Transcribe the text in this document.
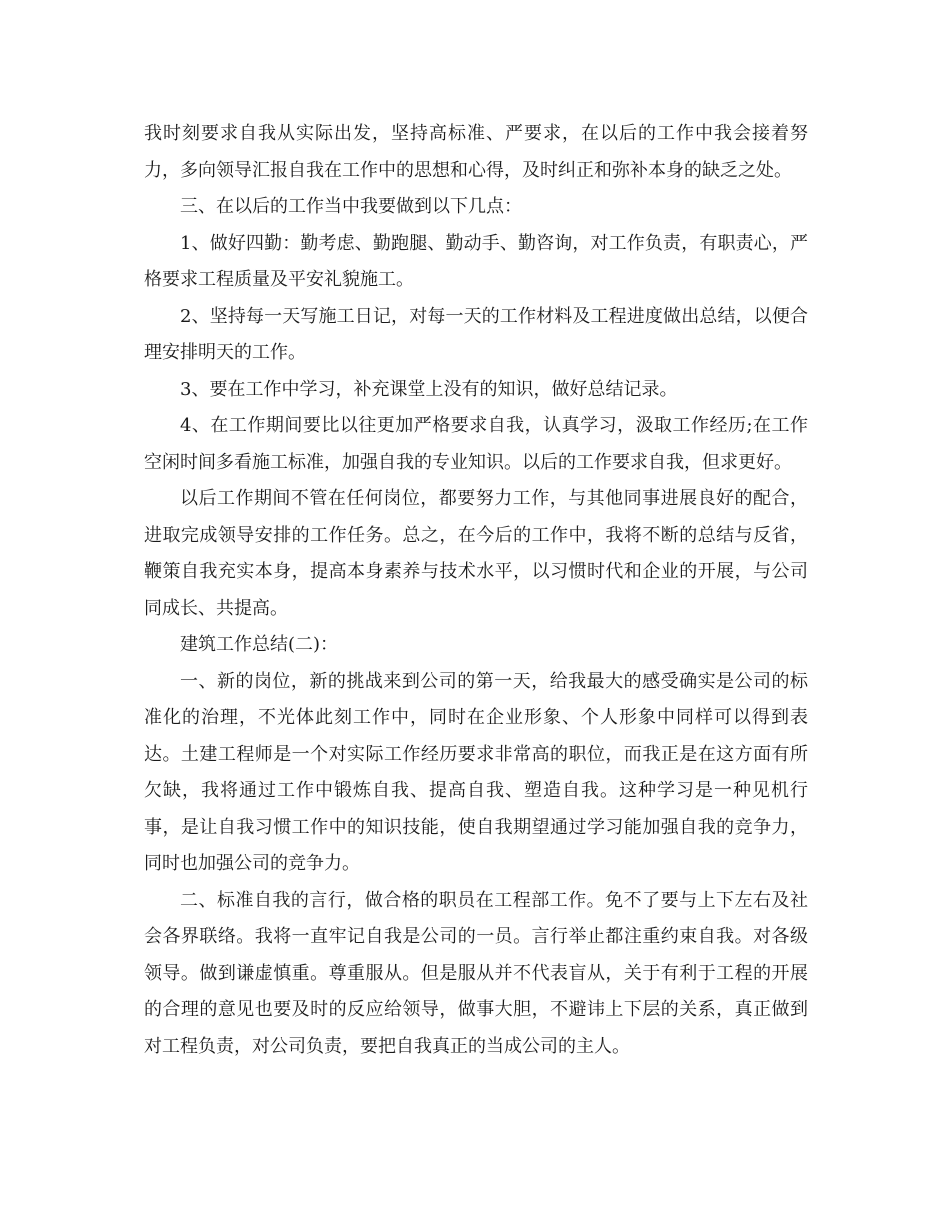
我时刻要求自我从实际出发，坚持高标准、严要求，在以后的工作中我会接着努力，多向领导汇报自我在工作中的思想和心得，及时纠正和弥补本身的缺乏之处。

三、在以后的工作当中我要做到以下几点：

1、做好四勤：勤考虑、勤跑腿、勤动手、勤咨询，对工作负责，有职责心，严格要求工程质量及平安礼貌施工。

2、坚持每一天写施工日记，对每一天的工作材料及工程进度做出总结，以便合理安排明天的工作。

3、要在工作中学习，补充课堂上没有的知识，做好总结记录。

4、在工作期间要比以往更加严格要求自我，认真学习，汲取工作经历;在工作空闲时间多看施工标准，加强自我的专业知识。以后的工作要求自我，但求更好。

以后工作期间不管在任何岗位，都要努力工作，与其他同事进展良好的配合，进取完成领导安排的工作任务。总之，在今后的工作中，我将不断的总结与反省，鞭策自我充实本身，提高本身素养与技术水平，以习惯时代和企业的开展，与公司同成长、共提高。

建筑工作总结(二)：

一、新的岗位，新的挑战来到公司的第一天，给我最大的感受确实是公司的标准化的治理，不光体此刻工作中，同时在企业形象、个人形象中同样可以得到表达。土建工程师是一个对实际工作经历要求非常高的职位，而我正是在这方面有所欠缺，我将通过工作中锻炼自我、提高自我、塑造自我。这种学习是一种见机行事，是让自我习惯工作中的知识技能，使自我期望通过学习能加强自我的竞争力，同时也加强公司的竞争力。

二、标准自我的言行，做合格的职员在工程部工作。免不了要与上下左右及社会各界联络。我将一直牢记自我是公司的一员。言行举止都注重约束自我。对各级领导。做到谦虚慎重。尊重服从。但是服从并不代表盲从，关于有利于工程的开展的合理的意见也要及时的反应给领导，做事大胆，不避讳上下层的关系，真正做到对工程负责，对公司负责，要把自我真正的当成公司的主人。
